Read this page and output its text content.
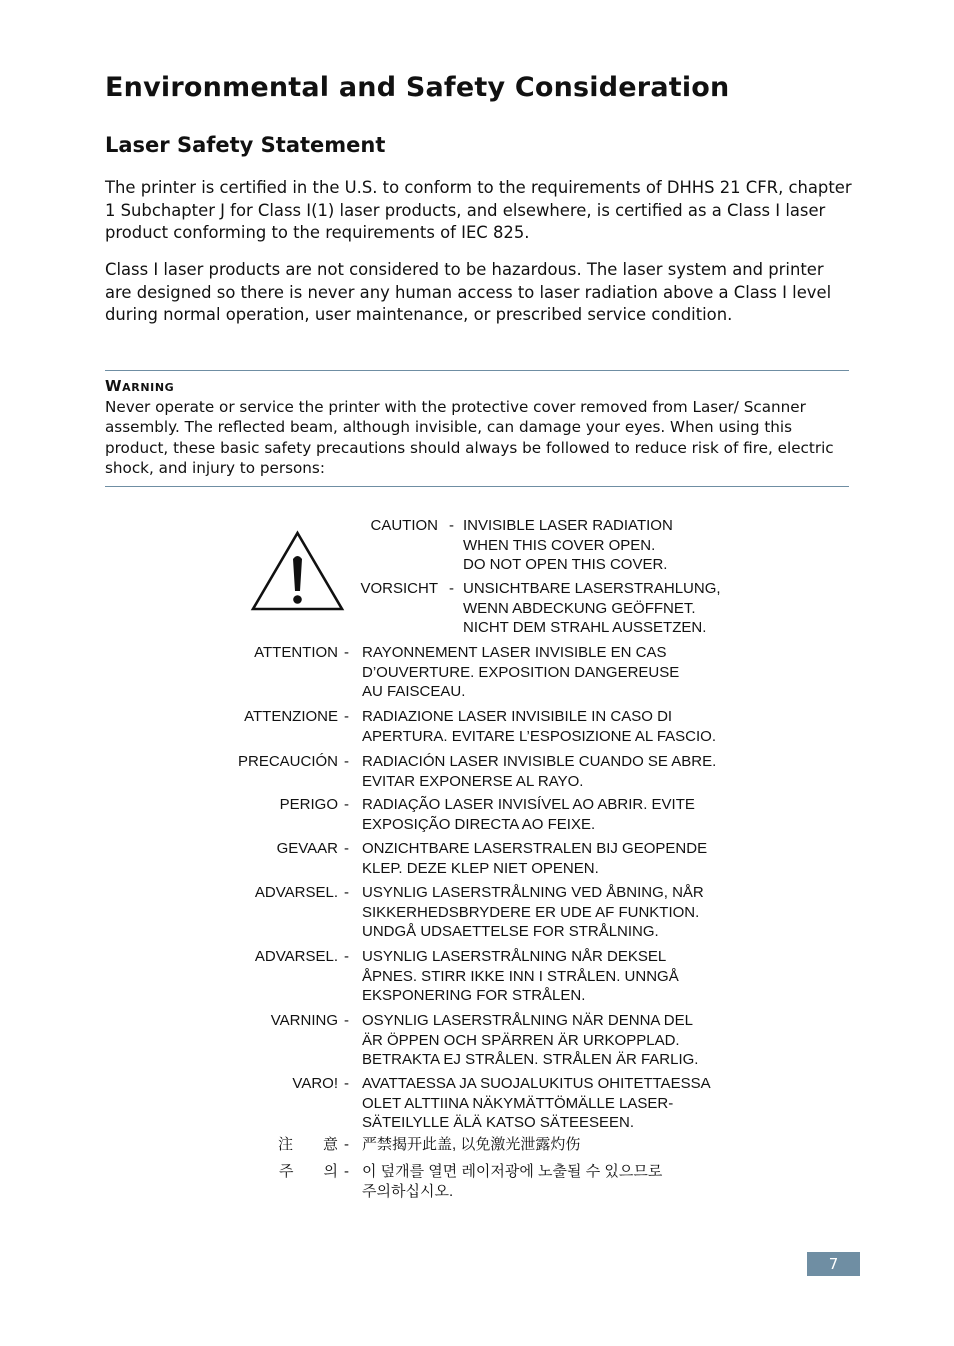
Environmental and Safety Consideration
Laser Safety Statement

The printer is certified in the U.S. to conform to the requirements of DHHS 21 CFR, chapter 1 Subchapter J for Class I(1) laser products, and elsewhere, is certified as a Class I laser product conforming to the requirements of IEC 825.

Class I laser products are not considered to be hazardous. The laser system and printer are designed so there is never any human access to laser radiation above a Class I level during normal operation, user maintenance, or prescribed service condition.

Warning

Never operate or service the printer with the protective cover removed from Laser/ Scanner assembly. The reflected beam, although invisible, can damage your eyes. When using this product, these basic safety precautions should always be followed to reduce risk of fire, electric shock, and injury to persons:

CAUTION - INVISIBLE LASER RADIATION
WHEN THIS COVER OPEN.
DO NOT OPEN THIS COVER.
VORSICHT - UNSICHTBARE LASERSTRAHLUNG,
WENN ABDECKUNG GEÖFFNET.
NICHT DEM STRAHL AUSSETZEN.
ATTENTION - RAYONNEMENT LASER INVISIBLE EN CAS
D’OUVERTURE. EXPOSITION DANGEREUSE
AU FAISCEAU.
ATTENZIONE - RADIAZIONE LASER INVISIBILE IN CASO DI
APERTURA. EVITARE L’ESPOSIZIONE AL FASCIO.
PRECAUCIÓN - RADIACIÓN LASER INVISIBLE CUANDO SE ABRE.
EVITAR EXPONERSE AL RAYO.
PERIGO - RADIAÇÃO LASER INVISÍVEL AO ABRIR. EVITE
EXPOSIÇÃO DIRECTA AO FEIXE.
GEVAAR - ONZICHTBARE LASERSTRALEN BIJ GEOPENDE
KLEP. DEZE KLEP NIET OPENEN.
ADVARSEL. - USYNLIG LASERSTRÅLNING VED ÅBNING, NÅR
SIKKERHEDSBRYDERE ER UDE AF FUNKTION.
UNDGÅ UDSAETTELSE FOR STRÅLNING.
ADVARSEL. - USYNLIG LASERSTRÅLNING NÅR DEKSEL
ÅPNES. STIRR IKKE INN I STRÅLEN. UNNGÅ
EKSPONERING FOR STRÅLEN.
VARNING - OSYNLIG LASERSTRÅLNING NÄR DENNA DEL
ÄR ÖPPEN OCH SPÄRREN ÄR URKOPPLAD.
BETRAKTA EJ STRÅLEN. STRÅLEN ÄR FARLIG.
VARO! - AVATTAESSA JA SUOJALUKITUS OHITETTAESSA
OLET ALTTIINA NÄKYMÄTTÖMÄLLE LASER-
SÄTEILYLLE ÄLÄ KATSO SÄTEESEEN.
注　　意 - 严禁揭开此盖, 以免激光泄露灼伤
주　　의 - 이 덮개를 열면 레이저광에 노출될 수 있으므로
주의하십시오.
7
